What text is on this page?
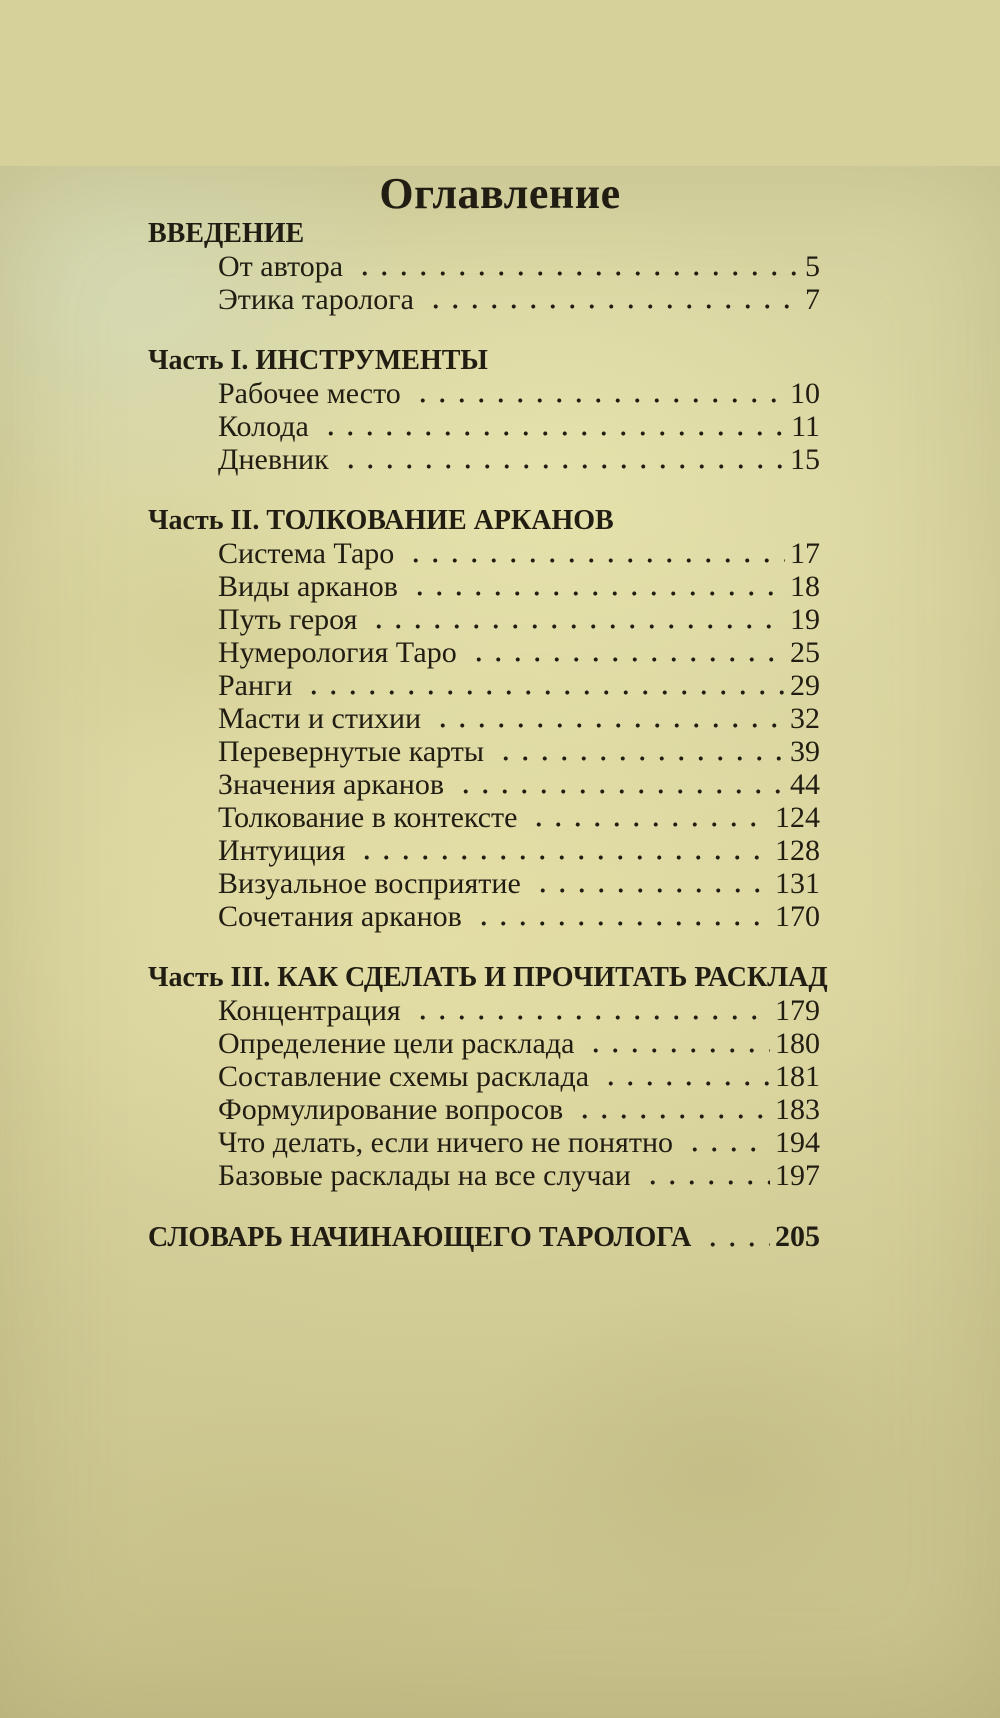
Оглавление
ВВЕДЕНИЕ
От автора	5
Этика таролога	7
Часть I. ИНСТРУМЕНТЫ
Рабочее место	10
Колода	11
Дневник	15
Часть II. ТОЛКОВАНИЕ АРКАНОВ
Система Таро	17
Виды арканов	18
Путь героя	19
Нумерология Таро	25
Ранги	29
Масти и стихии	32
Перевернутые карты	39
Значения арканов	44
Толкование в контексте	124
Интуиция	128
Визуальное восприятие	131
Сочетания арканов	170
Часть III. КАК СДЕЛАТЬ И ПРОЧИТАТЬ РАСКЛАД
Концентрация	179
Определение цели расклада	180
Составление схемы расклада	181
Формулирование вопросов	183
Что делать, если ничего не понятно	194
Базовые расклады на все случаи	197
СЛОВАРЬ НАЧИНАЮЩЕГО ТАРОЛОГА	205
